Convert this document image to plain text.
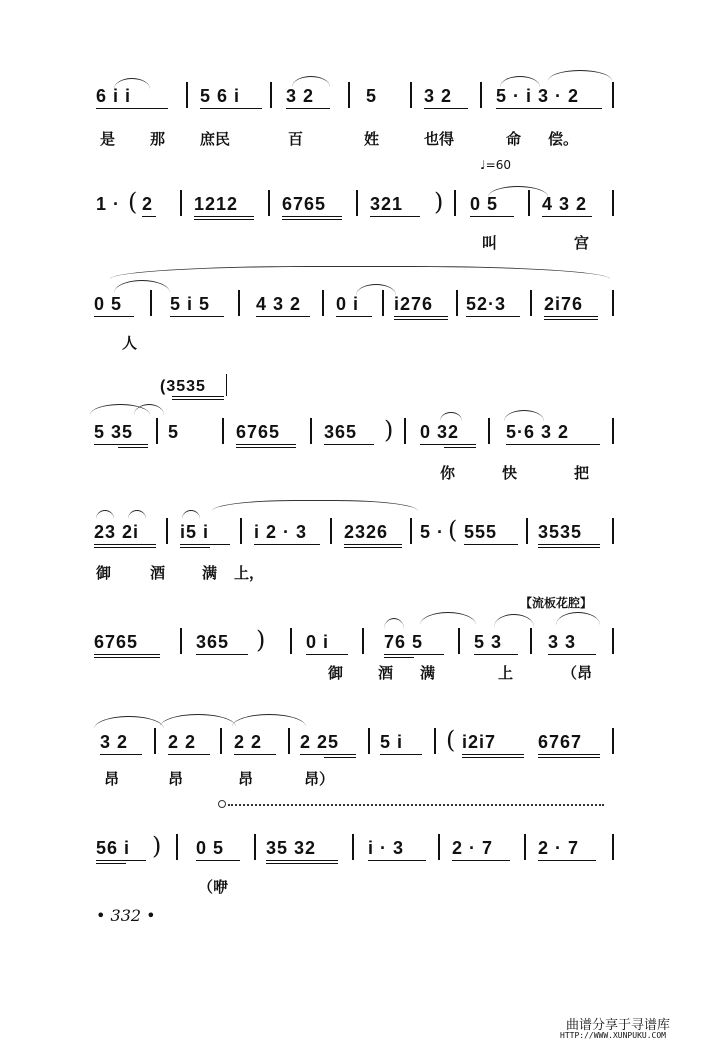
6 i i	5 6 i	3 2	5	3 2 5 · i 3 · 2
是 那 庶民	百	姓	也得	命 偿。
♩=60
1 · ( 2 1212 6765 321 ) 0 5 4 3 2
叫	宫
0 5	5 i 5	4 3 2 0 i i276 52·3 2i76
人
(3535
5 35 5	6765 365 ) 0 32	5·6 3 2
你	快	把
23 2i i5 i i 2 · 3 2326 5 · ( 555 3535
御	酒 满 上，
【流板花腔】
6765	365 ) 0 i	76 5	5 3	3 3
御 酒 满	上	（昂
3 2 2 2 2 2 2 25 5 i ( i2i7 6767
昂	昂	昂	昂）
56 i ) 0 5 35 32	i · 3	2 · 7 2 · 7
（咿
• 332 •
曲谱分享于寻谱库
HTTP://WWW.XUNPUKU.COM
